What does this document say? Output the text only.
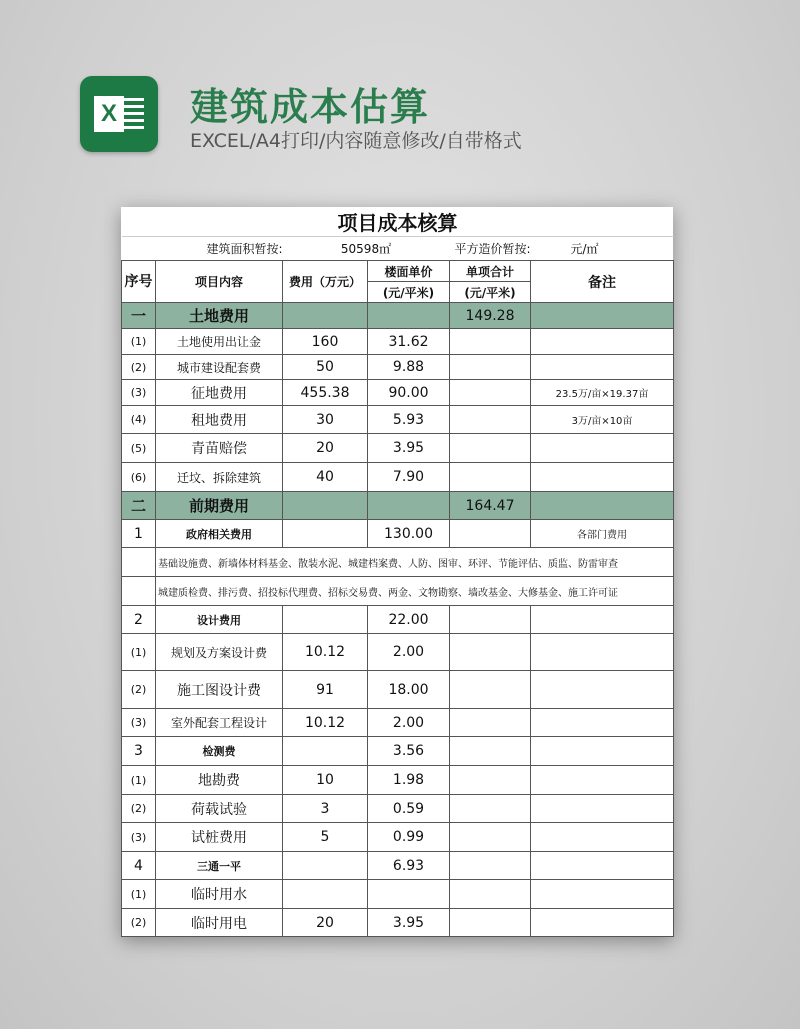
X 建筑成本估算
EXCEL/A4打印/内容随意修改/自带格式
项目成本核算					
建筑面积暂按:		50598㎡		平方造价暂按:	元/㎡
序号	项目内容	费用（万元）	楼面单价	单项合计	备注
			(元/平米)	(元/平米)	
一	土地费用			149.28	
(1)	土地使用出让金	160	31.62		
(2)	城市建设配套费	50	9.88		
(3)	征地费用	455.38	90.00		23.5万/亩×19.37亩
(4)	租地费用	30	5.93		3万/亩×10亩
(5)	青苗赔偿	20	3.95		
(6)	迁坟、拆除建筑	40	7.90		
二	前期费用			164.47	
1	政府相关费用		130.00		各部门费用
	基础设施费、新墙体材料基金、散装水泥、城建档案费、人防、图审、环评、节能评估、质监、防雷审查				
	城建质检费、排污费、招投标代理费、招标交易费、两金、文物勘察、墙改基金、大修基金、施工许可证				
2	设计费用		22.00		
(1)	规划及方案设计费	10.12	2.00		
(2)	施工图设计费	91	18.00		
(3)	室外配套工程设计	10.12	2.00		
3	检测费		3.56		
(1)	地勘费	10	1.98		
(2)	荷载试验	3	0.59		
(3)	试桩费用	5	0.99		
4	三通一平		6.93		
(1)	临时用水				
(2)	临时用电	20	3.95		
